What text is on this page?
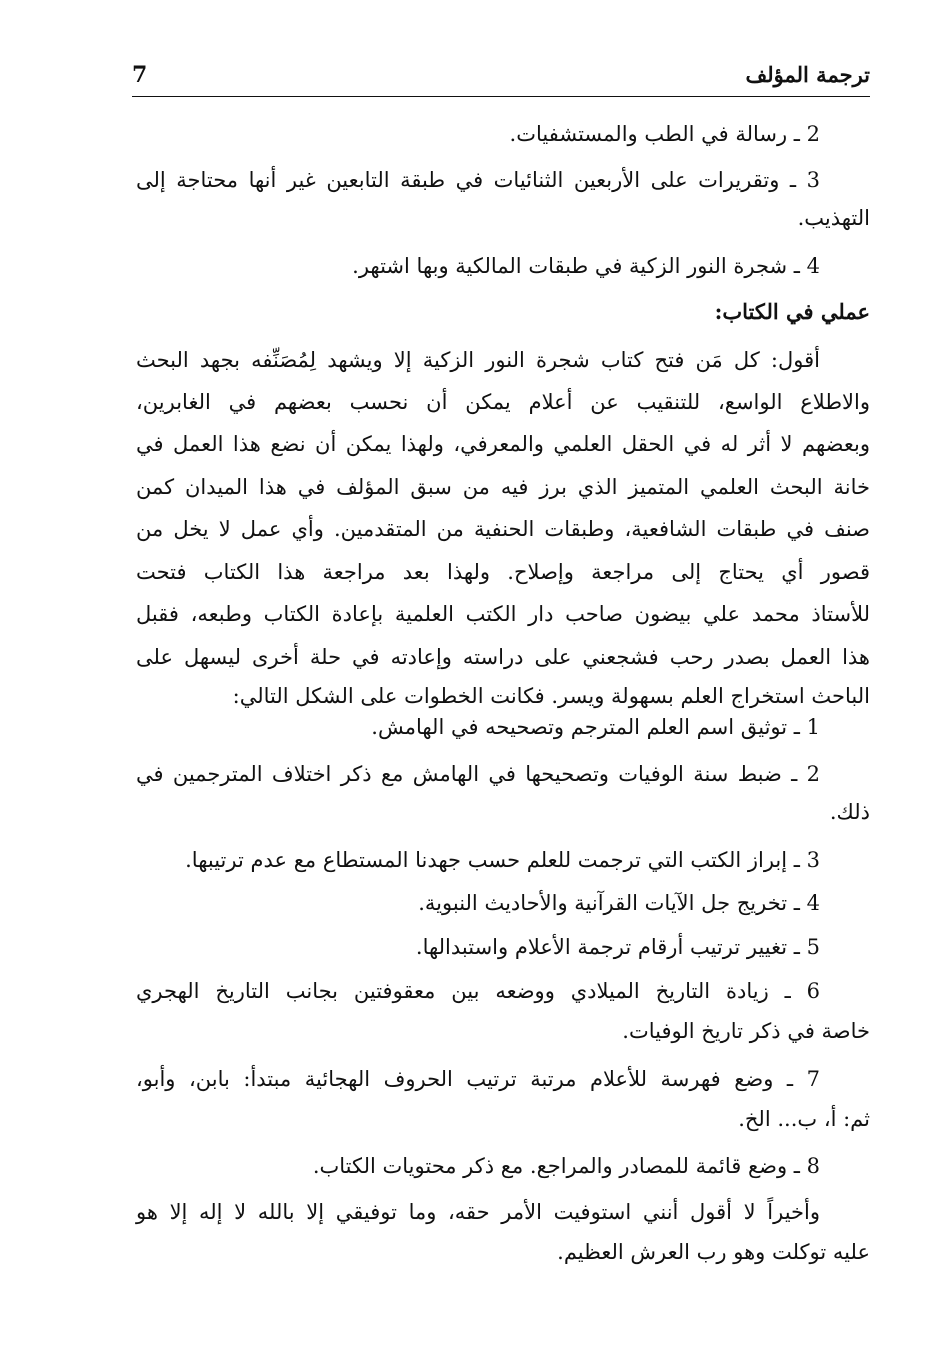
ترجمة المؤلف
7
2 ـ رسالة في الطب والمستشفيات.
3 ـ وتقريرات على الأربعين الثنائيات في طبقة التابعين غير أنها محتاجة إلى
التهذيب.
4 ـ شجرة النور الزكية في طبقات المالكية وبها اشتهر.
عملي في الكتاب:
أقول: كل مَن فتح كتاب شجرة النور الزكية إلا ويشهد لِمُصَنِّفه بجهد البحث
والاطلاع الواسع، للتنقيب عن أعلام يمكن أن نحسب بعضهم في الغابرين،
وبعضهم لا أثر له في الحقل العلمي والمعرفي، ولهذا يمكن أن نضع هذا العمل في
خانة البحث العلمي المتميز الذي برز فيه من سبق المؤلف في هذا الميدان كمن
صنف في طبقات الشافعية، وطبقات الحنفية من المتقدمين. وأي عمل لا يخل من
قصور أي يحتاج إلى مراجعة وإصلاح. ولهذا بعد مراجعة هذا الكتاب فتحت
للأستاذ محمد علي بيضون صاحب دار الكتب العلمية بإعادة الكتاب وطبعه، فقبل
هذا العمل بصدر رحب فشجعني على دراسته وإعادته في حلة أخرى ليسهل على
الباحث استخراج العلم بسهولة ويسر. فكانت الخطوات على الشكل التالي:
1 ـ توثيق اسم العلم المترجم وتصحيحه في الهامش.
2 ـ ضبط سنة الوفيات وتصحيحها في الهامش مع ذكر اختلاف المترجمين في
ذلك.
3 ـ إبراز الكتب التي ترجمت للعلم حسب جهدنا المستطاع مع عدم ترتيبها.
4 ـ تخريج جل الآيات القرآنية والأحاديث النبوية.
5 ـ تغيير ترتيب أرقام ترجمة الأعلام واستبدالها.
6 ـ زيادة التاريخ الميلادي ووضعه بين معقوفتين بجانب التاريخ الهجري
خاصة في ذكر تاريخ الوفيات.
7 ـ وضع فهرسة للأعلام مرتبة ترتيب الحروف الهجائية مبتدأ: بابن، وأبو،
ثم: أ، ب... الخ.
8 ـ وضع قائمة للمصادر والمراجع. مع ذكر محتويات الكتاب.
وأخيراً لا أقول أنني استوفيت الأمر حقه، وما توفيقي إلا بالله لا إله إلا هو
عليه توكلت وهو رب العرش العظيم.
